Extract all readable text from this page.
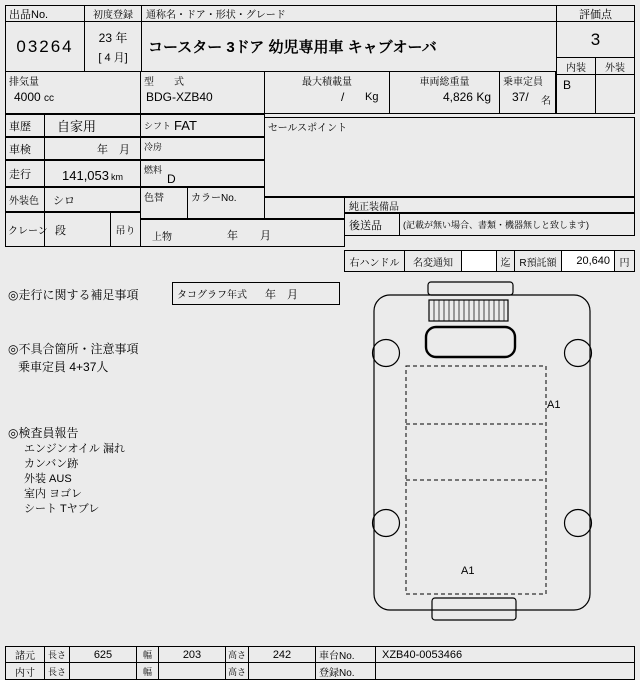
出品No.
03264
初度登録
23 年
[ 4 月]
通称名・ドア・形状・グレード
コースター 3ドア 幼児専用車 キャブオーバ
評価点
3
内装	外装
B
排気量
4000 cc
型　　式
BDG-XZB40
最大積載量
/ Kg
車両総重量
4,826 Kg
乗車定員
37/ 名
車歴	自家用	シフト FAT	セールスポイント
車検	年　月	冷房
走行	141,053 km
燃料
D
外装色	シロ	色替	カラーNo.
クレーン 段	吊り
上物	年　　月
純正装備品
後送品	(記載が無い場合、書類・機器無しと致します)
右ハンドル	名変通知	迄 R預託額	20,640 円
◎走行に関する補足事項	タコグラフ年式 年　月
◎不具合箇所・注意事項
乗車定員 4+37人
◎検査員報告
エンジンオイル 漏れ
カンバン跡
外装 AUS
室内 ヨゴレ
シート Tヤブレ
A1
A1
諸元	長さ	625	幅	203	高さ	242	車台No.	XZB40-0053466
内寸	長さ	幅	高さ	登録No.
